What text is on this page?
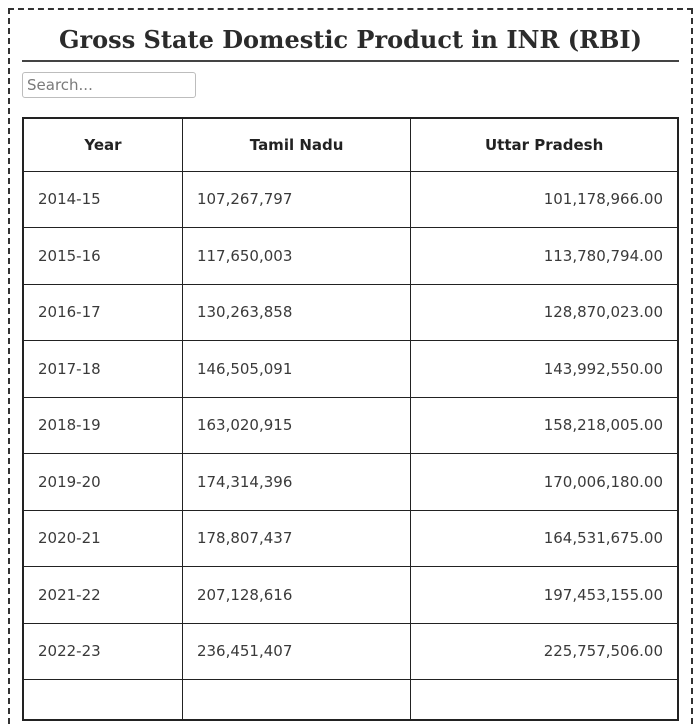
Gross State Domestic Product in INR (RBI)
Search...
Year	Tamil Nadu	Uttar Pradesh
2014-15	107,267,797	101,178,966.00
2015-16	117,650,003	113,780,794.00
2016-17	130,263,858	128,870,023.00
2017-18	146,505,091	143,992,550.00
2018-19	163,020,915	158,218,005.00
2019-20	174,314,396	170,006,180.00
2020-21	178,807,437	164,531,675.00
2021-22	207,128,616	197,453,155.00
2022-23	236,451,407	225,757,506.00
